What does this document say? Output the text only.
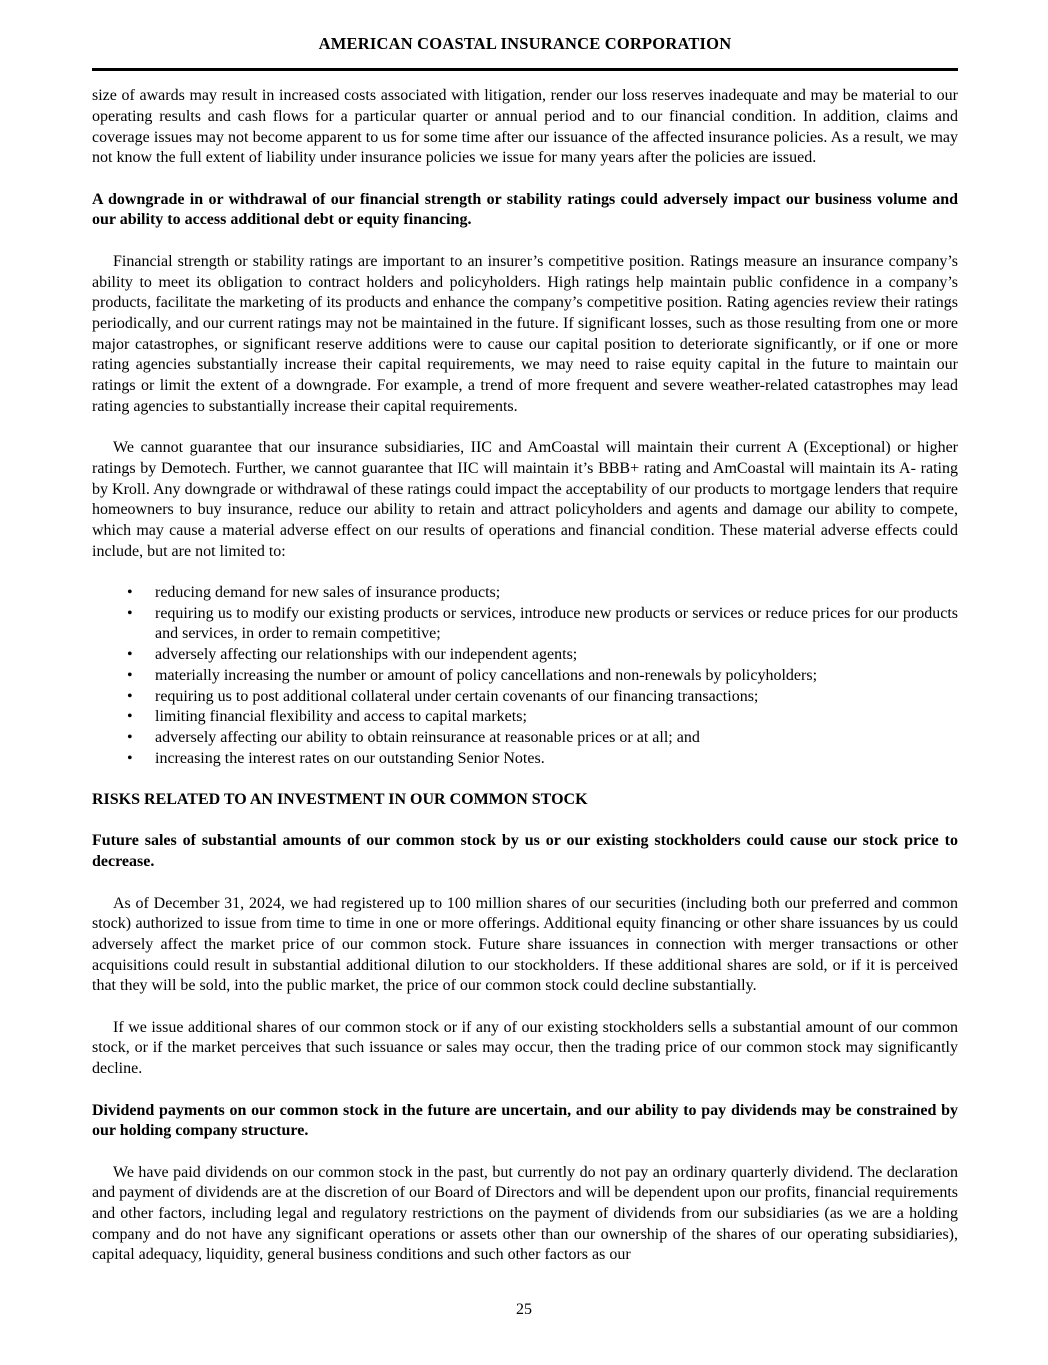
AMERICAN COASTAL INSURANCE CORPORATION

size of awards may result in increased costs associated with litigation, render our loss reserves inadequate and may be material to our operating results and cash flows for a particular quarter or annual period and to our financial condition. In addition, claims and coverage issues may not become apparent to us for some time after our issuance of the affected insurance policies. As a result, we may not know the full extent of liability under insurance policies we issue for many years after the policies are issued.

A downgrade in or withdrawal of our financial strength or stability ratings could adversely impact our business volume and our ability to access additional debt or equity financing.

Financial strength or stability ratings are important to an insurer’s competitive position. Ratings measure an insurance company’s ability to meet its obligation to contract holders and policyholders. High ratings help maintain public confidence in a company’s products, facilitate the marketing of its products and enhance the company’s competitive position. Rating agencies review their ratings periodically, and our current ratings may not be maintained in the future. If significant losses, such as those resulting from one or more major catastrophes, or significant reserve additions were to cause our capital position to deteriorate significantly, or if one or more rating agencies substantially increase their capital requirements, we may need to raise equity capital in the future to maintain our ratings or limit the extent of a downgrade. For example, a trend of more frequent and severe weather-related catastrophes may lead rating agencies to substantially increase their capital requirements.

We cannot guarantee that our insurance subsidiaries, IIC and AmCoastal will maintain their current A (Exceptional) or higher ratings by Demotech. Further, we cannot guarantee that IIC will maintain it’s BBB+ rating and AmCoastal will maintain its A- rating by Kroll. Any downgrade or withdrawal of these ratings could impact the acceptability of our products to mortgage lenders that require homeowners to buy insurance, reduce our ability to retain and attract policyholders and agents and damage our ability to compete, which may cause a material adverse effect on our results of operations and financial condition. These material adverse effects could include, but are not limited to:

• reducing demand for new sales of insurance products;
• requiring us to modify our existing products or services, introduce new products or services or reduce prices for our products and services, in order to remain competitive;
• adversely affecting our relationships with our independent agents;
• materially increasing the number or amount of policy cancellations and non-renewals by policyholders;
• requiring us to post additional collateral under certain covenants of our financing transactions;
• limiting financial flexibility and access to capital markets;
• adversely affecting our ability to obtain reinsurance at reasonable prices or at all; and
• increasing the interest rates on our outstanding Senior Notes.

RISKS RELATED TO AN INVESTMENT IN OUR COMMON STOCK

Future sales of substantial amounts of our common stock by us or our existing stockholders could cause our stock price to decrease.

As of December 31, 2024, we had registered up to 100 million shares of our securities (including both our preferred and common stock) authorized to issue from time to time in one or more offerings. Additional equity financing or other share issuances by us could adversely affect the market price of our common stock. Future share issuances in connection with merger transactions or other acquisitions could result in substantial additional dilution to our stockholders. If these additional shares are sold, or if it is perceived that they will be sold, into the public market, the price of our common stock could decline substantially.

If we issue additional shares of our common stock or if any of our existing stockholders sells a substantial amount of our common stock, or if the market perceives that such issuance or sales may occur, then the trading price of our common stock may significantly decline.

Dividend payments on our common stock in the future are uncertain, and our ability to pay dividends may be constrained by our holding company structure.

We have paid dividends on our common stock in the past, but currently do not pay an ordinary quarterly dividend. The declaration and payment of dividends are at the discretion of our Board of Directors and will be dependent upon our profits, financial requirements and other factors, including legal and regulatory restrictions on the payment of dividends from our subsidiaries (as we are a holding company and do not have any significant operations or assets other than our ownership of the shares of our operating subsidiaries), capital adequacy, liquidity, general business conditions and such other factors as our

25
